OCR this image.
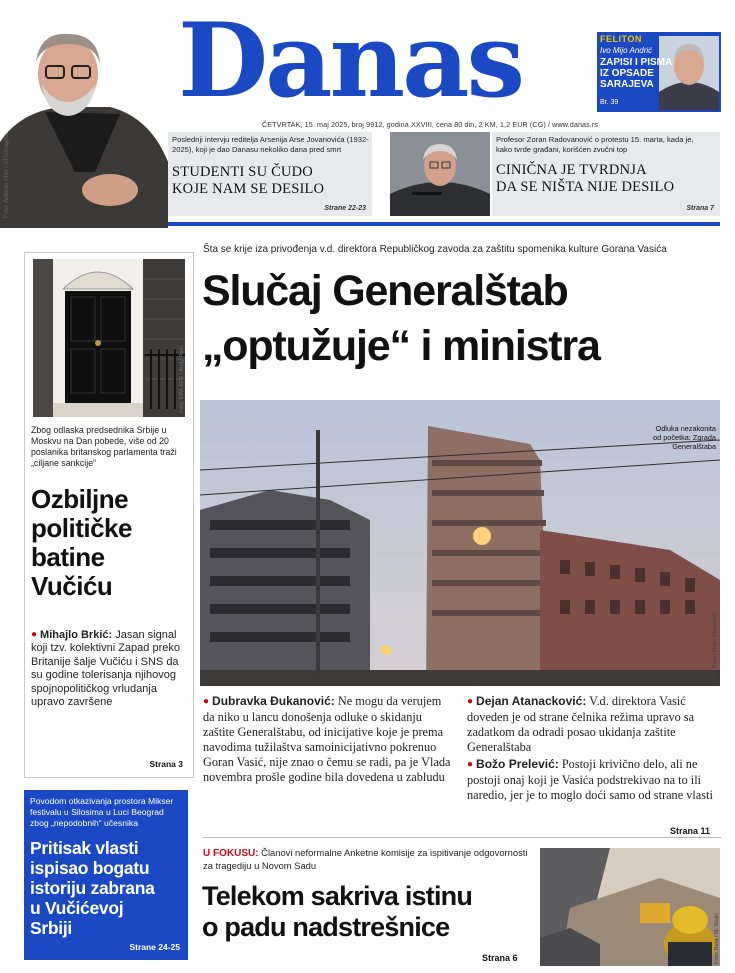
Foto: Antonio Ahel / ATAImages
Danas
ČETVRTAK, 15. maj 2025, broj 9912, godina XXVIII, cena 80 din, 2 KM, 1,2 EUR (CG) / www.danas.rs
FELITON
Ivo Mijo Andrić
ZAPISI I PISMA
IZ OPSADE
SARAJEVA
Br. 39
Poslednji intervju reditelja Arsenija Arse Jovanovića (1932-2025), koji je dao Danasu nekoliko dana pred smrt
STUDENTI SU ČUDO
KOJE NAM SE DESILO
Strane 22-23
Profesor Zoran Radovanović o protestu 15. marta, kada je, kako tvrde građani, korišćen zvučni top
CINIČNA JE TVRDNJA
DA SE NIŠTA NIJE DESILO
Strana 7
Foto: EPA-EFE / Andy Rain
Zbog odlaska predsednika Srbije u Moskvu na Dan pobede, više od 20 poslanika britanskog parlamenta traži „ciljane sankcije“
Ozbiljne
političke
batine
Vučiću
● Mihajlo Brkić: Jasan signal koji tzv. kolektivni Zapad preko Britanije šalje Vučiću i SNS da su godine tolerisanja njihovog spojnopolitičkog vrludanja upravo završene
Strana 3
Povodom otkazivanja prostora Mikser festivalu u Silosima u Luci Beograd zbog „nepodobnih“ učesnika
Pritisak vlasti
ispisao bogatu
istoriju zabrana
u Vučićevoj
Srbiji
Strane 24-25
Šta se krije iza privođenja v.d. direktora Republičkog zavoda za zaštitu spomenika kulture Gorana Vasića
Slučaj Generalštab
„optužuje“ i ministra
Odluka nezakonita
od početka: Zgrada
Generalštaba
Foto: Beta / Milan Obradović
● Dubravka Đukanović: Ne mogu da verujem da niko u lancu donošenja odluke o skidanju zaštite Generalštabu, od inicijative koje je prema navodima tužilaštva samoinicijativno pokrenuo Goran Vasić, nije znao o čemu se radi, pa je Vlada novembra prošle godine bila dovedena u zabludu
● Dejan Atanacković: V.d. direktora Vasić doveden je od strane čelnika režima upravo sa zadatkom da odradi posao ukidanja zaštite Generalštaba
● Božo Prelević: Postoji krivično delo, ali ne postoji onaj koji je Vasića podstrekivao na to ili naredio, jer je to moglo doći samo od strane vlasti
Strana 11
U FOKUSU: Članovi neformalne Anketne komisije za ispitivanje odgovornosti za tragediju u Novom Sadu
Telekom sakriva istinu
o padu nadstrešnice
Strana 6	Foto: Beta / M. Stojić
